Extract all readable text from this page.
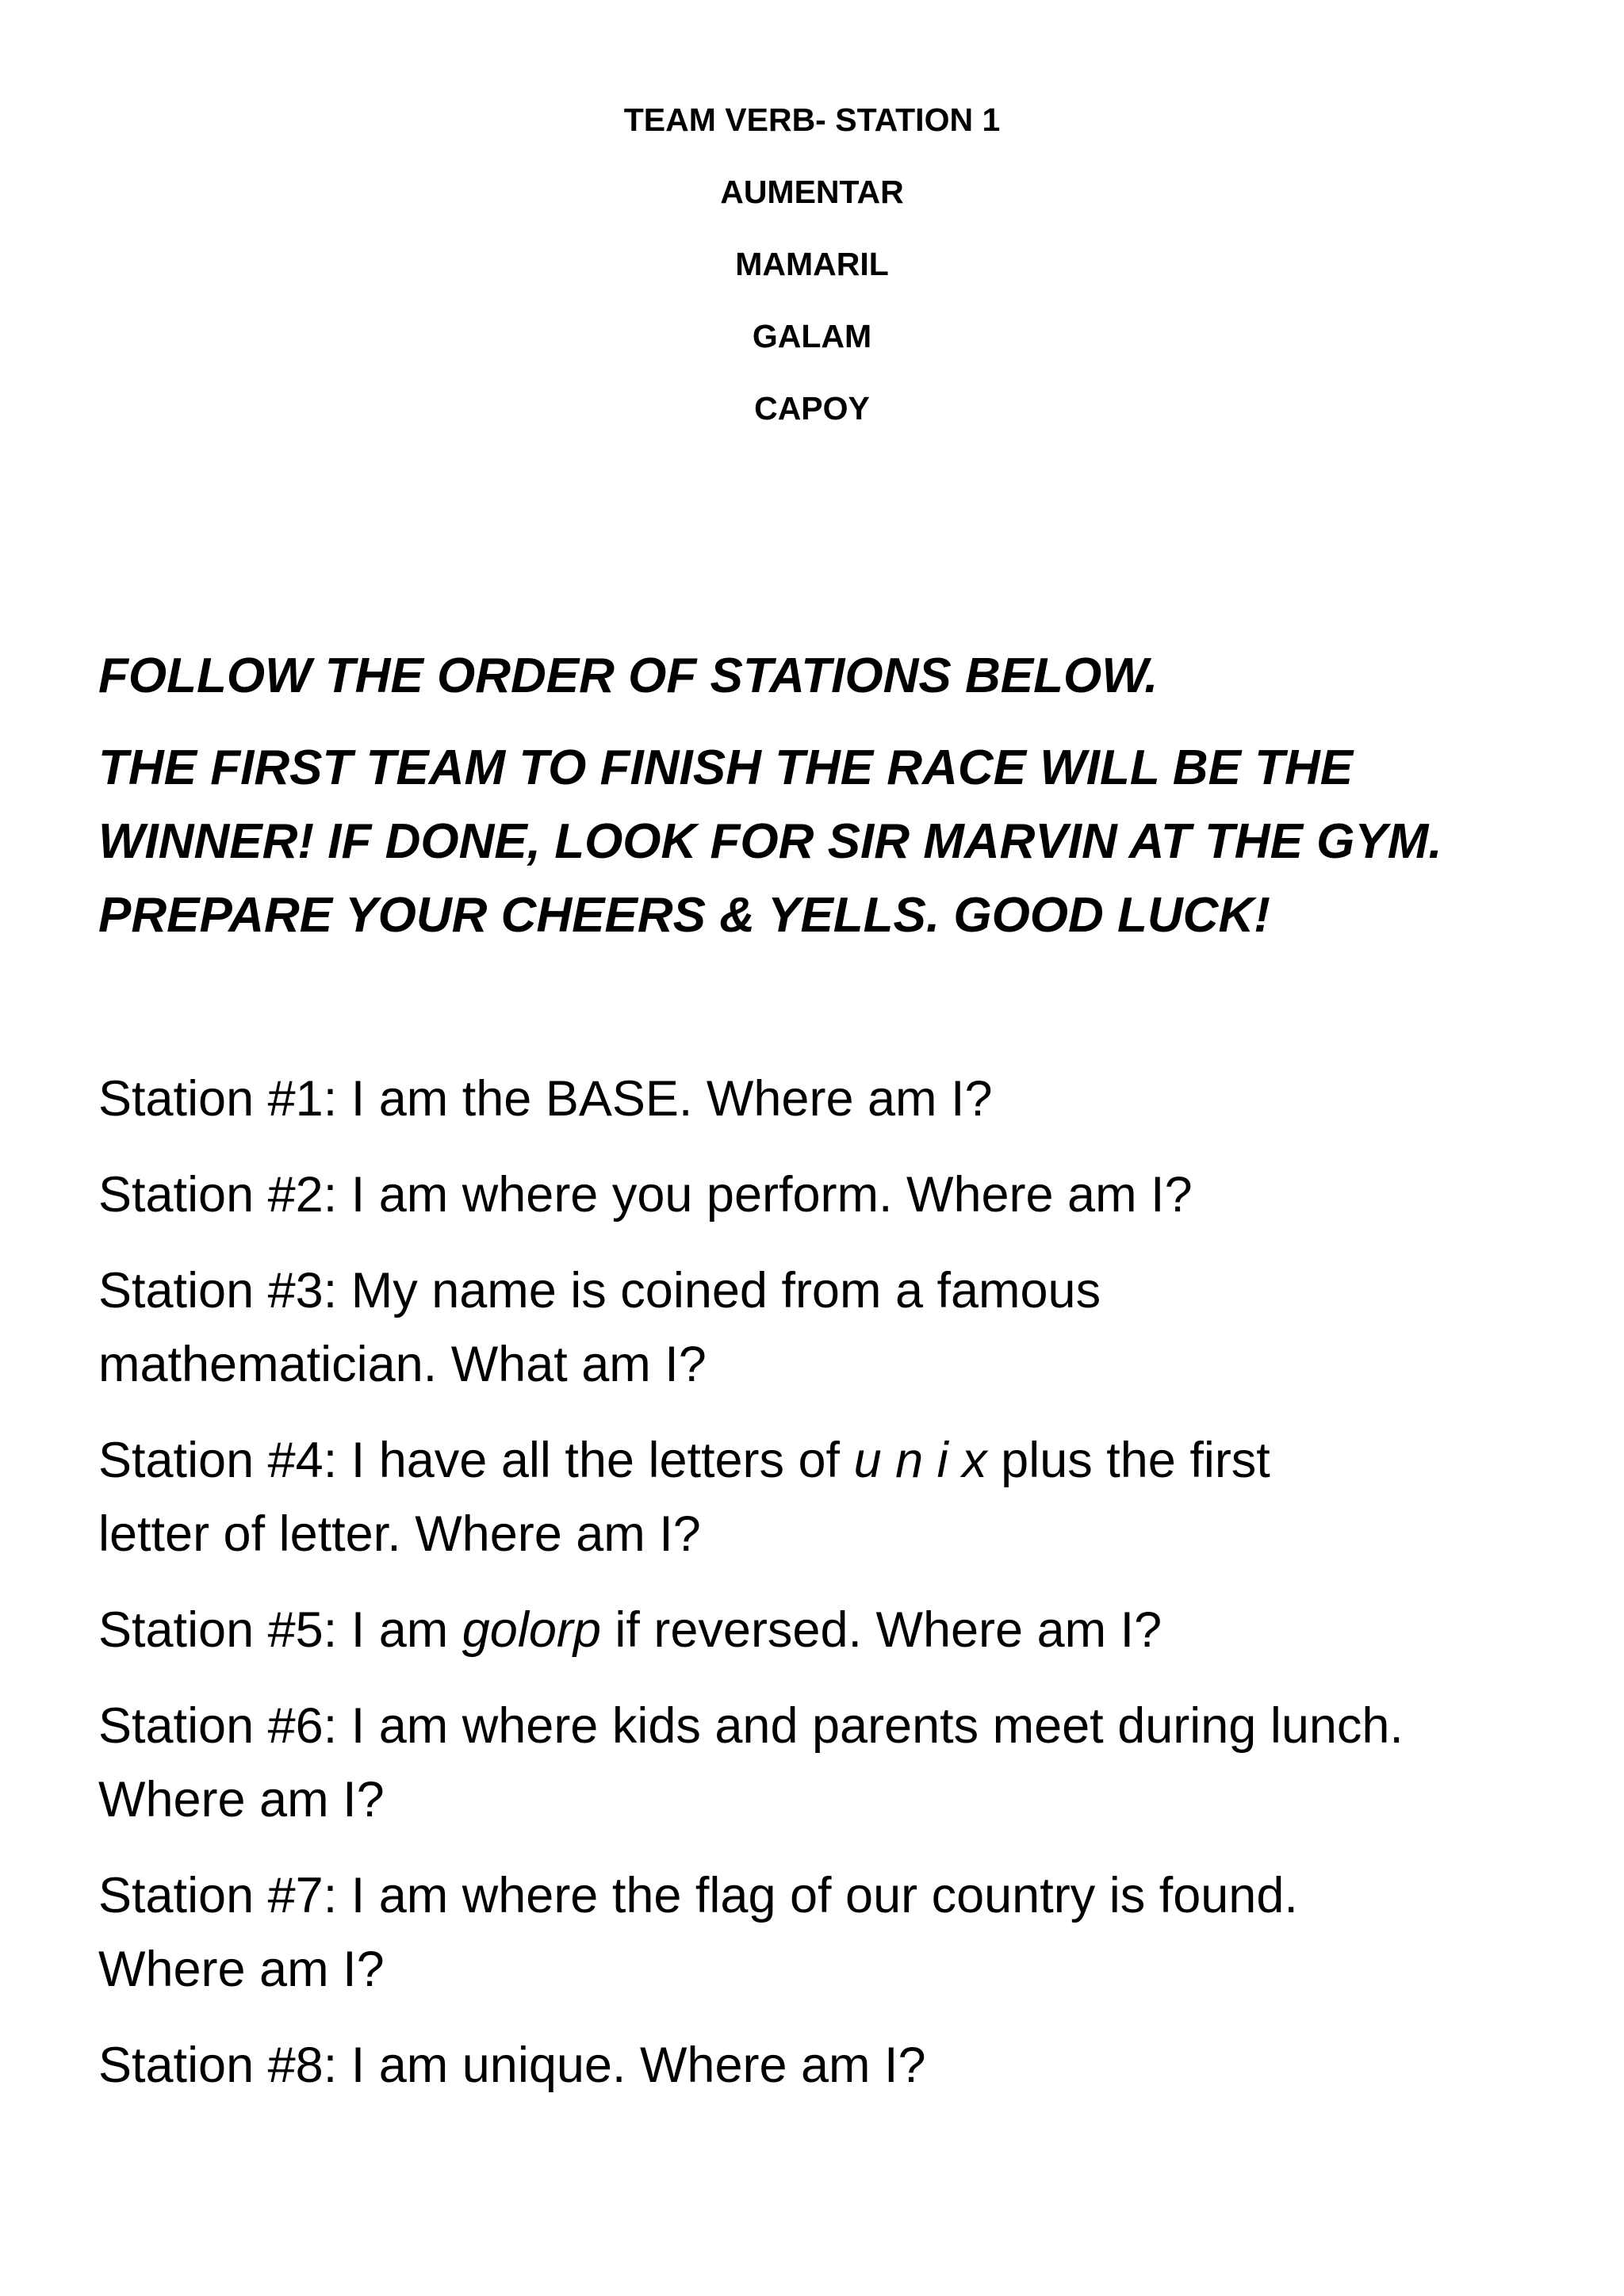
TEAM VERB- STATION 1
AUMENTAR
MAMARIL
GALAM
CAPOY

FOLLOW THE ORDER OF STATIONS BELOW.

THE FIRST TEAM TO FINISH THE RACE WILL BE THE

WINNER! IF DONE, LOOK FOR SIR MARVIN AT THE GYM.

PREPARE YOUR CHEERS & YELLS. GOOD LUCK!

Station #1: I am the BASE. Where am I?

Station #2: I am where you perform. Where am I?

Station #3: My name is coined from a famous
mathematician. What am I?

Station #4: I have all the letters of u n i x plus the first
letter of letter. Where am I?

Station #5: I am golorp if reversed. Where am I?

Station #6: I am where kids and parents meet during lunch.
Where am I?

Station #7: I am where the flag of our country is found.
Where am I?

Station #8: I am unique. Where am I?
